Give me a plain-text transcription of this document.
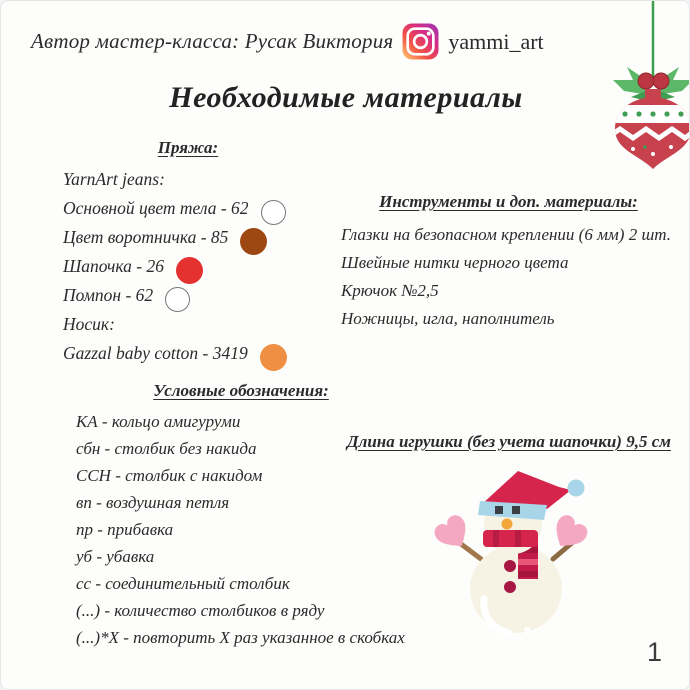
Автор мастер-класса: Русак Виктория	yammi_art
Необходимые материалы
Пряжа:
YarnArt jeans:
Основной цвет тела - 62
Цвет воротничка - 85
Шапочка - 26
Помпон - 62
Носик:
Gazzal baby cotton - 3419
Инструменты и доп. материалы:
Глазки на безопасном креплении (6 мм) 2 шт.
Швейные нитки черного цвета
Крючок №2,5
Ножницы, игла, наполнитель
Условные обозначения:
КА - кольцо амигуруми
сбн - столбик без накида
ССН - столбик с накидом
вп - воздушная петля
пр - прибавка
уб - убавка
сс - соединительный столбик
(...) - количество столбиков в ряду
(...)*Х - повторить Х раз указанное в скобках
Длина игрушки (без учета шапочки) 9,5 см
1
